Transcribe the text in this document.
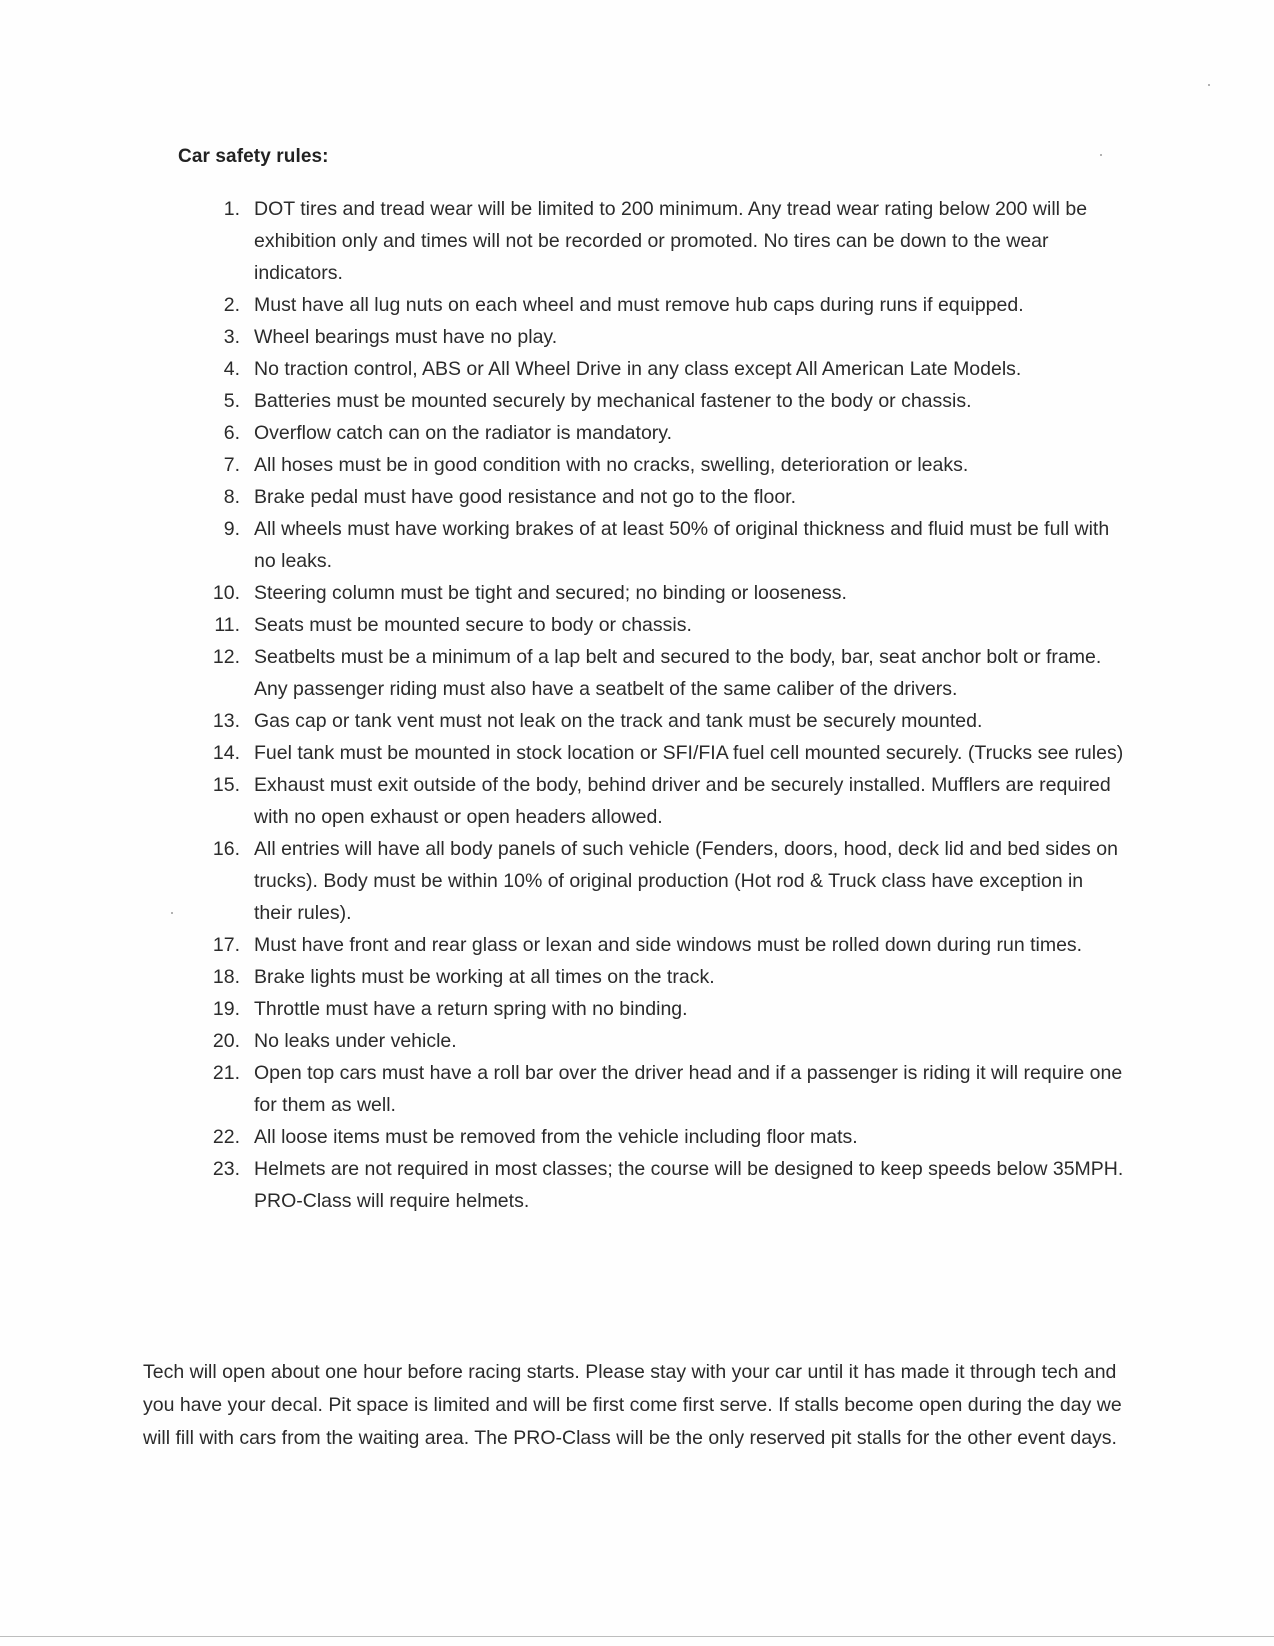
Car safety rules:
1. DOT tires and tread wear will be limited to 200 minimum. Any tread wear rating below 200 will be exhibition only and times will not be recorded or promoted. No tires can be down to the wear indicators.
2. Must have all lug nuts on each wheel and must remove hub caps during runs if equipped.
3. Wheel bearings must have no play.
4. No traction control, ABS or All Wheel Drive in any class except All American Late Models.
5. Batteries must be mounted securely by mechanical fastener to the body or chassis.
6. Overflow catch can on the radiator is mandatory.
7. All hoses must be in good condition with no cracks, swelling, deterioration or leaks.
8. Brake pedal must have good resistance and not go to the floor.
9. All wheels must have working brakes of at least 50% of original thickness and fluid must be full with no leaks.
10. Steering column must be tight and secured; no binding or looseness.
11. Seats must be mounted secure to body or chassis.
12. Seatbelts must be a minimum of a lap belt and secured to the body, bar, seat anchor bolt or frame. Any passenger riding must also have a seatbelt of the same caliber of the drivers.
13. Gas cap or tank vent must not leak on the track and tank must be securely mounted.
14. Fuel tank must be mounted in stock location or SFI/FIA fuel cell mounted securely. (Trucks see rules)
15. Exhaust must exit outside of the body, behind driver and be securely installed. Mufflers are required with no open exhaust or open headers allowed.
16. All entries will have all body panels of such vehicle (Fenders, doors, hood, deck lid and bed sides on trucks). Body must be within 10% of original production (Hot rod & Truck class have exception in their rules).
17. Must have front and rear glass or lexan and side windows must be rolled down during run times.
18. Brake lights must be working at all times on the track.
19. Throttle must have a return spring with no binding.
20. No leaks under vehicle.
21. Open top cars must have a roll bar over the driver head and if a passenger is riding it will require one for them as well.
22. All loose items must be removed from the vehicle including floor mats.
23. Helmets are not required in most classes; the course will be designed to keep speeds below 35MPH. PRO-Class will require helmets.

Tech will open about one hour before racing starts. Please stay with your car until it has made it through tech and you have your decal. Pit space is limited and will be first come first serve. If stalls become open during the day we will fill with cars from the waiting area. The PRO-Class will be the only reserved pit stalls for the other event days.
